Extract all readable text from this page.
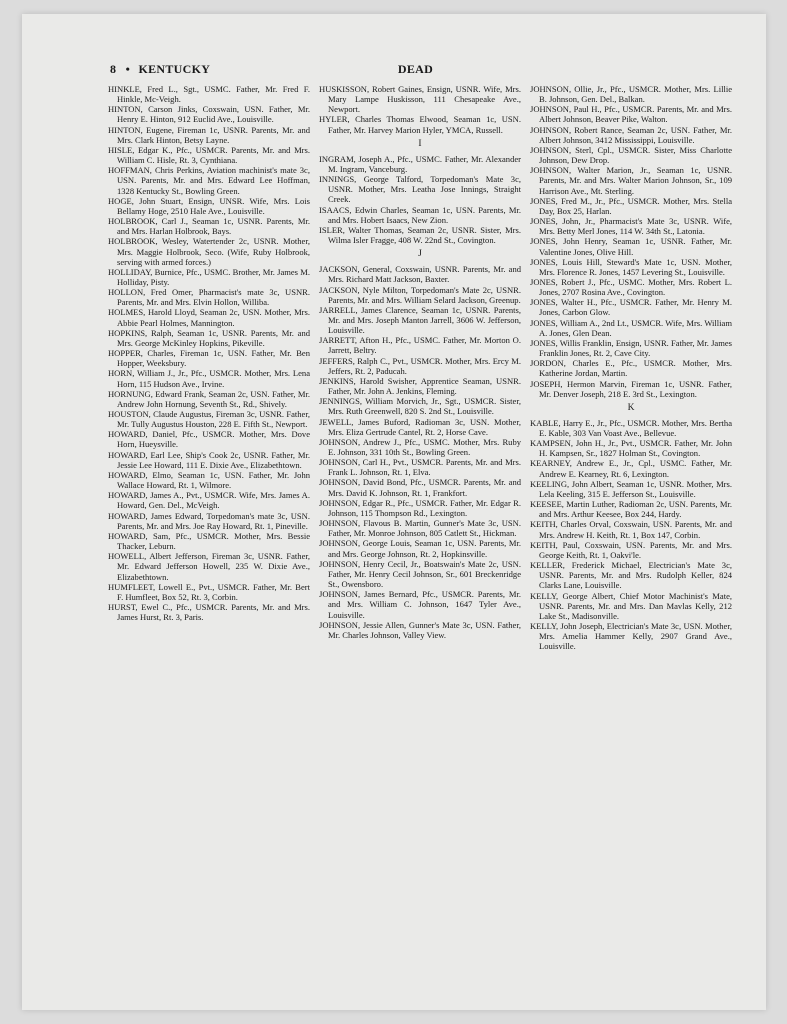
8 • KENTUCKY	DEAD

HINKLE, Fred L., Sgt., USMC. Father, Mr. Fred F. Hinkle, Mc-Veigh.

HINTON, Carson Jinks, Coxswain, USN. Father, Mr. Henry E. Hinton, 912 Euclid Ave., Louisville.

HINTON, Eugene, Fireman 1c, USNR. Parents, Mr. and Mrs. Clark Hinton, Betsy Layne.

HISLE, Edgar K., Pfc., USMCR. Parents, Mr. and Mrs. William C. Hisle, Rt. 3, Cynthiana.

HOFFMAN, Chris Perkins, Aviation machinist's mate 3c, USN. Parents, Mr. and Mrs. Edward Lee Hoffman, 1328 Kentucky St., Bowling Green.

HOGE, John Stuart, Ensign, UNSR. Wife, Mrs. Lois Bellamy Hoge, 2510 Hale Ave., Louisville.

HOLBROOK, Carl J., Seaman 1c, USNR. Parents, Mr. and Mrs. Harlan Holbrook, Bays.

HOLBROOK, Wesley, Watertender 2c, USNR. Mother, Mrs. Maggie Holbrook, Seco. (Wife, Ruby Holbrook, serving with armed forces.)

HOLLIDAY, Burnice, Pfc., USMC. Brother, Mr. James M. Holliday, Pisty.

HOLLON, Fred Omer, Pharmacist's mate 3c, USNR. Parents, Mr. and Mrs. Elvin Hollon, Williba.

HOLMES, Harold Lloyd, Seaman 2c, USN. Mother, Mrs. Abbie Pearl Holmes, Mannington.

HOPKINS, Ralph, Seaman 1c, USNR. Parents, Mr. and Mrs. George McKinley Hopkins, Pikeville.

HOPPER, Charles, Fireman 1c, USN. Father, Mr. Ben Hopper, Weeksbury.

HORN, William J., Jr., Pfc., USMCR. Mother, Mrs. Lena Horn, 115 Hudson Ave., Irvine.

HORNUNG, Edward Frank, Seaman 2c, USN. Father, Mr. Andrew John Hornung, Seventh St., Rd., Shively.

HOUSTON, Claude Augustus, Fireman 3c, USNR. Father, Mr. Tully Augustus Houston, 228 E. Fifth St., Newport.

HOWARD, Daniel, Pfc., USMCR. Mother, Mrs. Dove Horn, Hueysville.

HOWARD, Earl Lee, Ship's Cook 2c, USNR. Father, Mr. Jessie Lee Howard, 111 E. Dixie Ave., Elizabethtown.

HOWARD, Elmo, Seaman 1c, USN. Father, Mr. John Wallace Howard, Rt. 1, Wilmore.

HOWARD, James A., Pvt., USMCR. Wife, Mrs. James A. Howard, Gen. Del., McVeigh.

HOWARD, James Edward, Torpedoman's mate 3c, USN. Parents, Mr. and Mrs. Joe Ray Howard, Rt. 1, Pineville.

HOWARD, Sam, Pfc., USMCR. Mother, Mrs. Bessie Thacker, Leburn.

HOWELL, Albert Jefferson, Fireman 3c, USNR. Father, Mr. Edward Jefferson Howell, 235 W. Dixie Ave., Elizabethtown.

HUMFLEET, Lowell E., Pvt., USMCR. Father, Mr. Bert F. Humfleet, Box 52, Rt. 3, Corbin.

HURST, Ewel C., Pfc., USMCR. Parents, Mr. and Mrs. James Hurst, Rt. 3, Paris.

HUSKISSON, Robert Gaines, Ensign, USNR. Wife, Mrs. Mary Lampe Huskisson, 111 Chesapeake Ave., Newport.

HYLER, Charles Thomas Elwood, Seaman 1c, USN. Father, Mr. Harvey Marion Hyler, YMCA, Russell.

I

INGRAM, Joseph A., Pfc., USMC. Father, Mr. Alexander M. Ingram, Vanceburg.

INNINGS, George Talford, Torpedoman's Mate 3c, USNR. Mother, Mrs. Leatha Jose Innings, Straight Creek.

ISAACS, Edwin Charles, Seaman 1c, USN. Parents, Mr. and Mrs. Hobert Isaacs, New Zion.

ISLER, Walter Thomas, Seaman 2c, USNR. Sister, Mrs. Wilma Isler Fragge, 408 W. 22nd St., Covington.

J

JACKSON, General, Coxswain, USNR. Parents, Mr. and Mrs. Richard Matt Jackson, Baxter.

JACKSON, Nyle Milton, Torpedoman's Mate 2c, USNR. Parents, Mr. and Mrs. William Selard Jackson, Greenup.

JARRELL, James Clarence, Seaman 1c, USNR. Parents, Mr. and Mrs. Joseph Manton Jarrell, 3606 W. Jefferson, Louisville.

JARRETT, Afton H., Pfc., USMC. Father, Mr. Morton O. Jarrett, Beltry.

JEFFERS, Ralph C., Pvt., USMCR. Mother, Mrs. Ercy M. Jeffers, Rt. 2, Paducah.

JENKINS, Harold Swisher, Apprentice Seaman, USNR. Father, Mr. John A. Jenkins, Fleming.

JENNINGS, William Morvich, Jr., Sgt., USMCR. Sister, Mrs. Ruth Greenwell, 820 S. 2nd St., Louisville.

JEWELL, James Buford, Radioman 3c, USN. Mother, Mrs. Eliza Gertrude Cantel, Rt. 2, Horse Cave.

JOHNSON, Andrew J., Pfc., USMC. Mother, Mrs. Ruby E. Johnson, 331 10th St., Bowling Green.

JOHNSON, Carl H., Pvt., USMCR. Parents, Mr. and Mrs. Frank L. Johnson, Rt. 1, Elva.

JOHNSON, David Bond, Pfc., USMCR. Parents, Mr. and Mrs. David K. Johnson, Rt. 1, Frankfort.

JOHNSON, Edgar R., Pfc., USMCR. Father, Mr. Edgar R. Johnson, 115 Thompson Rd., Lexington.

JOHNSON, Flavous B. Martin, Gunner's Mate 3c, USN. Father, Mr. Monroe Johnson, 805 Catlett St., Hickman.

JOHNSON, George Louis, Seaman 1c, USN. Parents, Mr. and Mrs. George Johnson, Rt. 2, Hopkinsville.

JOHNSON, Henry Cecil, Jr., Boatswain's Mate 2c, USN. Father, Mr. Henry Cecil Johnson, Sr., 601 Breckenridge St., Owensboro.

JOHNSON, James Bernard, Pfc., USMCR. Parents, Mr. and Mrs. William C. Johnson, 1647 Tyler Ave., Louisville.

JOHNSON, Jessie Allen, Gunner's Mate 3c, USN. Father, Mr. Charles Johnson, Valley View.

JOHNSON, Ollie, Jr., Pfc., USMCR. Mother, Mrs. Lillie B. Johnson, Gen. Del., Balkan.

JOHNSON, Paul H., Pfc., USMCR. Parents, Mr. and Mrs. Albert Johnson, Beaver Pike, Walton.

JOHNSON, Robert Rance, Seaman 2c, USN. Father, Mr. Albert Johnson, 3412 Mississippi, Louisville.

JOHNSON, Sterl, Cpl., USMCR. Sister, Miss Charlotte Johnson, Dew Drop.

JOHNSON, Walter Marion, Jr., Seaman 1c, USNR. Parents, Mr. and Mrs. Walter Marion Johnson, Sr., 109 Harrison Ave., Mt. Sterling.

JONES, Fred M., Jr., Pfc., USMCR. Mother, Mrs. Stella Day, Box 25, Harlan.

JONES, John, Jr., Pharmacist's Mate 3c, USNR. Wife, Mrs. Betty Merl Jones, 114 W. 34th St., Latonia.

JONES, John Henry, Seaman 1c, USNR. Father, Mr. Valentine Jones, Olive Hill.

JONES, Louis Hill, Steward's Mate 1c, USN. Mother, Mrs. Florence R. Jones, 1457 Levering St., Louisville.

JONES, Robert J., Pfc., USMC. Mother, Mrs. Robert L. Jones, 2707 Rosina Ave., Covington.

JONES, Walter H., Pfc., USMCR. Father, Mr. Henry M. Jones, Carbon Glow.

JONES, William A., 2nd Lt., USMCR. Wife, Mrs. William A. Jones, Glen Dean.

JONES, Willis Franklin, Ensign, USNR. Father, Mr. James Franklin Jones, Rt. 2, Cave City.

JORDON, Charles E., Pfc., USMCR. Mother, Mrs. Katherine Jordan, Martin.

JOSEPH, Hermon Marvin, Fireman 1c, USNR. Father, Mr. Denver Joseph, 218 E. 3rd St., Lexington.

K

KABLE, Harry E., Jr., Pfc., USMCR. Mother, Mrs. Bertha E. Kable, 303 Van Voast Ave., Bellevue.

KAMPSEN, John H., Jr., Pvt., USMCR. Father, Mr. John H. Kampsen, Sr., 1827 Holman St., Covington.

KEARNEY, Andrew E., Jr., Cpl., USMC. Father, Mr. Andrew E. Kearney, Rt. 6, Lexington.

KEELING, John Albert, Seaman 1c, USNR. Mother, Mrs. Lela Keeling, 315 E. Jefferson St., Louisville.

KEESEE, Martin Luther, Radioman 2c, USN. Parents, Mr. and Mrs. Arthur Keesee, Box 244, Hardy.

KEITH, Charles Orval, Coxswain, USN. Parents, Mr. and Mrs. Andrew H. Keith, Rt. 1, Box 147, Corbin.

KEITH, Paul, Coxswain, USN. Parents, Mr. and Mrs. George Keith, Rt. 1, Oakvi'le.

KELLER, Frederick Michael, Electrician's Mate 3c, USNR. Parents, Mr. and Mrs. Rudolph Keller, 824 Clarks Lane, Louisville.

KELLY, George Albert, Chief Motor Machinist's Mate, USNR. Parents, Mr. and Mrs. Dan Mavlas Kelly, 212 Lake St., Madisonville.

KELLY, John Joseph, Electrician's Mate 3c, USN. Mother, Mrs. Amelia Hammer Kelly, 2907 Grand Ave., Louisville.
